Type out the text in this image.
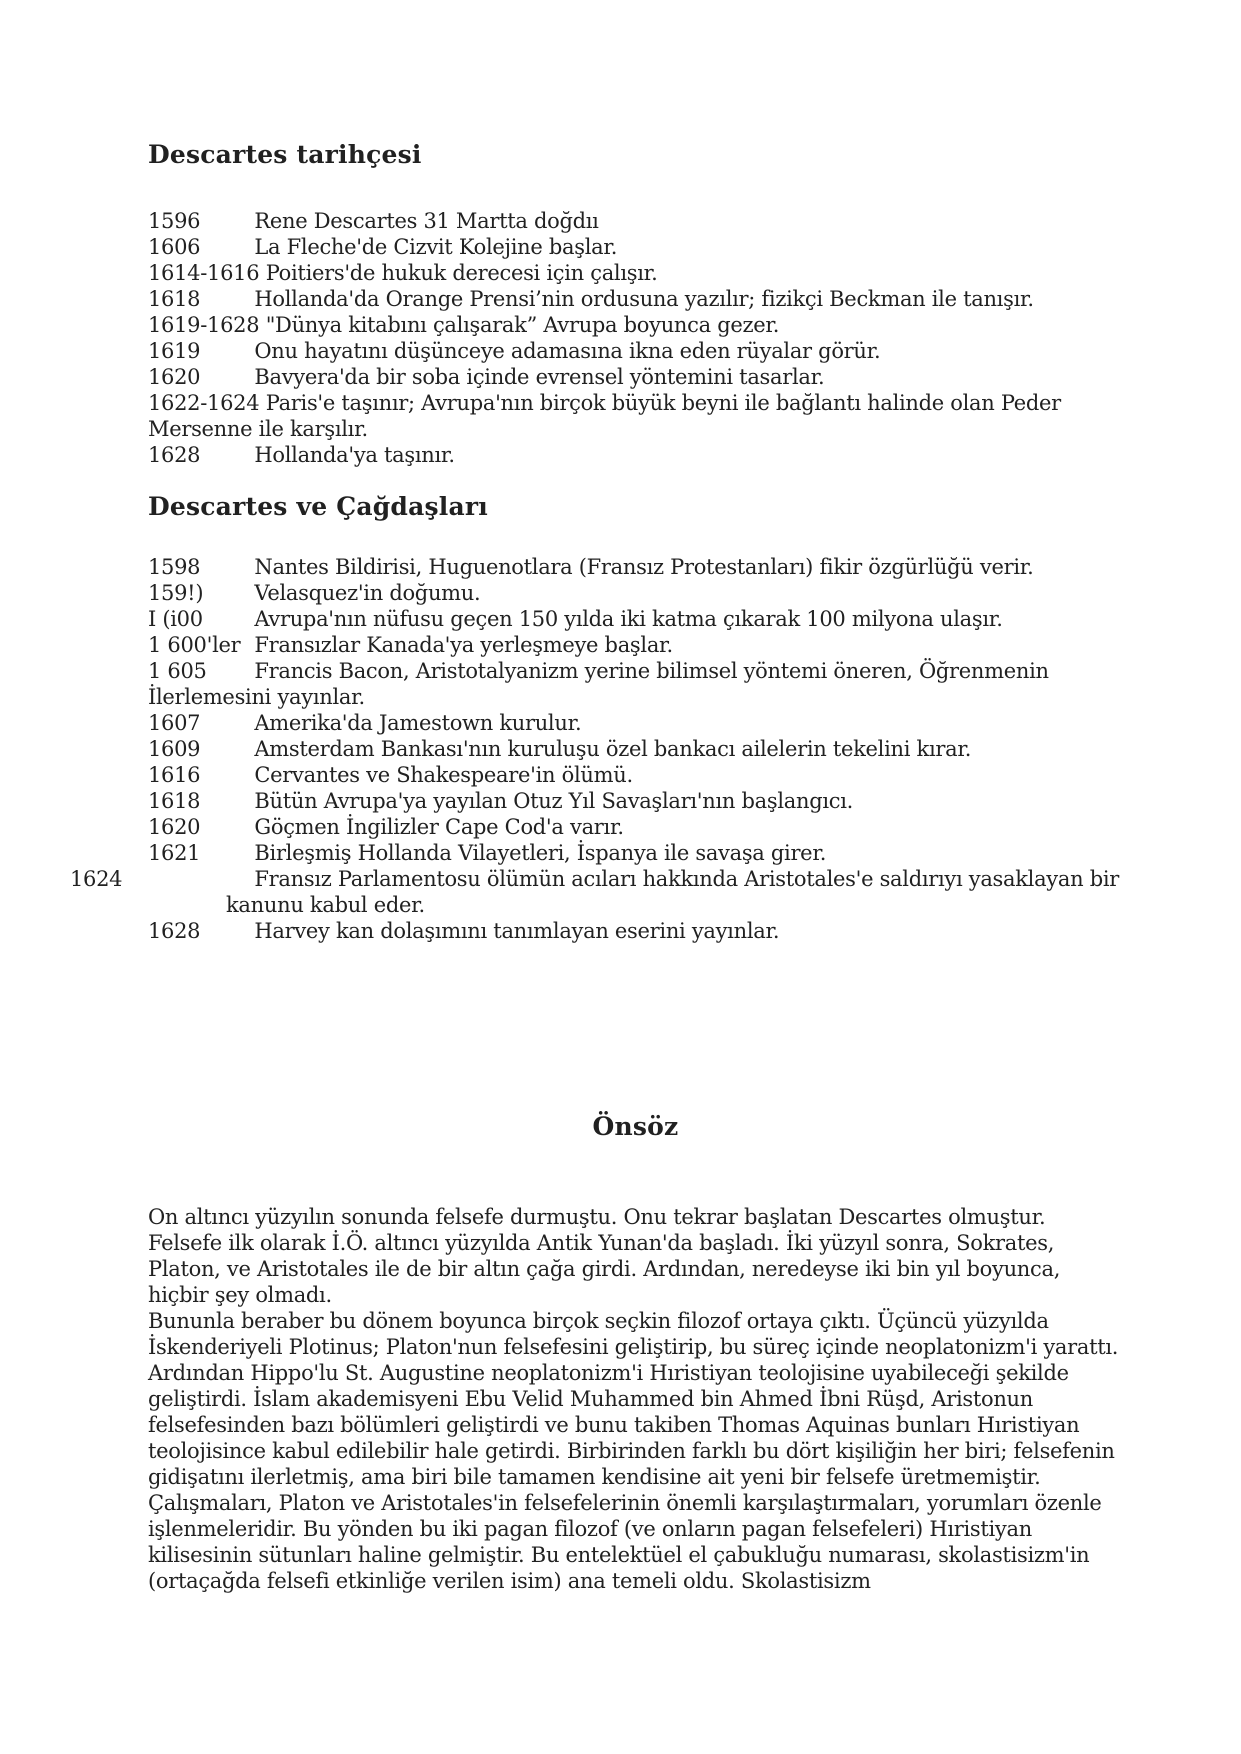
Descartes tarihçesi
1596	Rene Descartes 31 Martta doğdıı
1606	La Fleche'de Cizvit Kolejine başlar.
1614-1616 Poitiers'de hukuk derecesi için çalışır.
1618	Hollanda'da Orange Prensi’nin ordusuna yazılır; fizikçi Beckman ile tanışır.
1619-1628 "Dünya kitabını çalışarak” Avrupa boyunca gezer.
1619	Onu hayatını düşünceye adamasına ikna eden rüyalar görür.
1620	Bavyera'da bir soba içinde evrensel yöntemini tasarlar.
1622-1624 Paris'e taşınır; Avrupa'nın birçok büyük beyni ile bağlantı halinde olan Peder Mersenne ile karşılır.
1628	Hollanda'ya taşınır.
Descartes ve Çağdaşları
1598	Nantes Bildirisi, Huguenotlara (Fransız Protestanları) fikir özgürlüğü verir.
159!) Velasquez'in doğumu.
I (i00 Avrupa'nın nüfusu geçen 150 yılda iki katma çıkarak 100 milyona ulaşır.
1 600'ler Fransızlar Kanada'ya yerleşmeye başlar.
1 605 Francis Bacon, Aristotalyanizm yerine bilimsel yöntemi öneren, Öğrenmenin İlerlemesini yayınlar.
1607	Amerika'da Jamestown kurulur.
1609	Amsterdam Bankası'nın kuruluşu özel bankacı ailelerin tekelini kırar.
1616	Cervantes ve Shakespeare'in ölümü.
1618	Bütün Avrupa'ya yayılan Otuz Yıl Savaşları'nın başlangıcı.
1620	Göçmen İngilizler Cape Cod'a varır.
1621	Birleşmiş Hollanda Vilayetleri, İspanya ile savaşa girer.
1624	Fransız Parlamentosu ölümün acıları hakkında Aristotales'e saldırıyı yasaklayan bir kanunu kabul eder.
1628	Harvey kan dolaşımını tanımlayan eserini yayınlar.
Önsöz

On altıncı yüzyılın sonunda felsefe durmuştu. Onu tekrar başlatan Descartes olmuştur. Felsefe ilk olarak İ.Ö. altıncı yüzyılda Antik Yunan'da başladı. İki yüzyıl sonra, Sokrates, Platon, ve Aristotales ile de bir altın çağa girdi. Ardından, neredeyse iki bin yıl boyunca, hiçbir şey olmadı.

Bununla beraber bu dönem boyunca birçok seçkin filozof ortaya çıktı. Üçüncü yüzyılda İskenderiyeli Plotinus; Platon'nun felsefesini geliştirip, bu süreç içinde neoplatonizm'i yarattı. Ardından Hippo'lu St. Augustine neoplatonizm'i Hıristiyan teolojisine uyabileceği şekilde geliştirdi. İslam akademisyeni Ebu Velid Muhammed bin Ahmed İbni Rüşd, Aristonun felsefesinden bazı bölümleri geliştirdi ve bunu takiben Thomas Aquinas bunları Hıristiyan teolojisince kabul edilebilir hale getirdi. Birbirinden farklı bu dört kişiliğin her biri; felsefenin gidişatını ilerletmiş, ama biri bile tamamen kendisine ait yeni bir felsefe üretmemiştir. Çalışmaları, Platon ve Aristotales'in felsefelerinin önemli karşılaştırmaları, yorumları özenle işlenmeleridir. Bu yönden bu iki pagan filozof (ve onların pagan felsefeleri) Hıristiyan kilisesinin sütunları haline gelmiştir. Bu entelektüel el çabukluğu numarası, skolastisizm'in (ortaçağda felsefi etkinliğe verilen isim) ana temeli oldu. Skolastisizm
